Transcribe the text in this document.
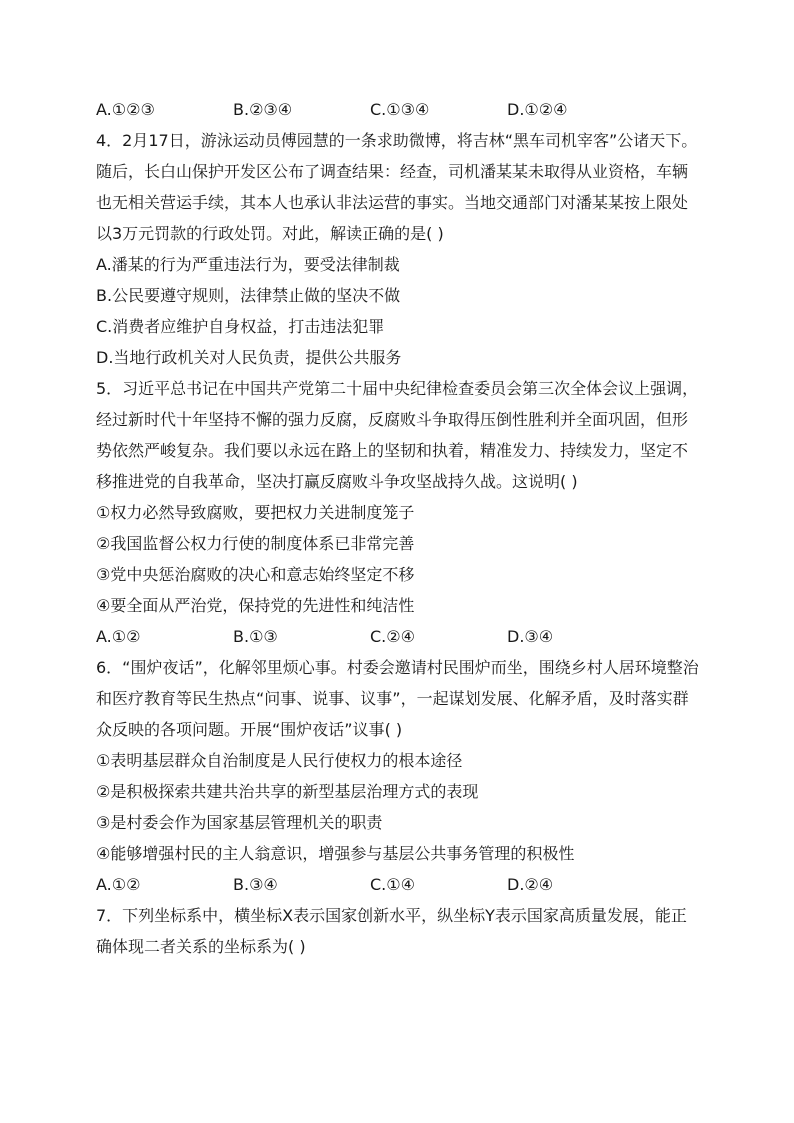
A.①②③	B.②③④	C.①③④	D.①②④
4．2月17日，游泳运动员傅园慧的一条求助微博，将吉林“黑车司机宰客”公诸天下。
随后，长白山保护开发区公布了调查结果：经查，司机潘某某未取得从业资格，车辆
也无相关营运手续，其本人也承认非法运营的事实。当地交通部门对潘某某按上限处
以3万元罚款的行政处罚。对此，解读正确的是( )
A.潘某的行为严重违法行为，要受法律制裁
B.公民要遵守规则，法律禁止做的坚决不做
C.消费者应维护自身权益，打击违法犯罪
D.当地行政机关对人民负责，提供公共服务
5．习近平总书记在中国共产党第二十届中央纪律检查委员会第三次全体会议上强调，
经过新时代十年坚持不懈的强力反腐，反腐败斗争取得压倒性胜利并全面巩固，但形
势依然严峻复杂。我们要以永远在路上的坚韧和执着，精准发力、持续发力，坚定不
移推进党的自我革命，坚决打赢反腐败斗争攻坚战持久战。这说明( )
①权力必然导致腐败，要把权力关进制度笼子
②我国监督公权力行使的制度体系已非常完善
③党中央惩治腐败的决心和意志始终坚定不移
④要全面从严治党，保持党的先进性和纯洁性
A.①②	B.①③	C.②④	D.③④
6．“围炉夜话”，化解邻里烦心事。村委会邀请村民围炉而坐，围绕乡村人居环境整治
和医疗教育等民生热点“问事、说事、议事”，一起谋划发展、化解矛盾，及时落实群
众反映的各项问题。开展“围炉夜话”议事( )
①表明基层群众自治制度是人民行使权力的根本途径
②是积极探索共建共治共享的新型基层治理方式的表现
③是村委会作为国家基层管理机关的职责
④能够增强村民的主人翁意识，增强参与基层公共事务管理的积极性
A.①②	B.③④	C.①④	D.②④
7．下列坐标系中，横坐标X表示国家创新水平，纵坐标Y表示国家高质量发展，能正
确体现二者关系的坐标系为( )
